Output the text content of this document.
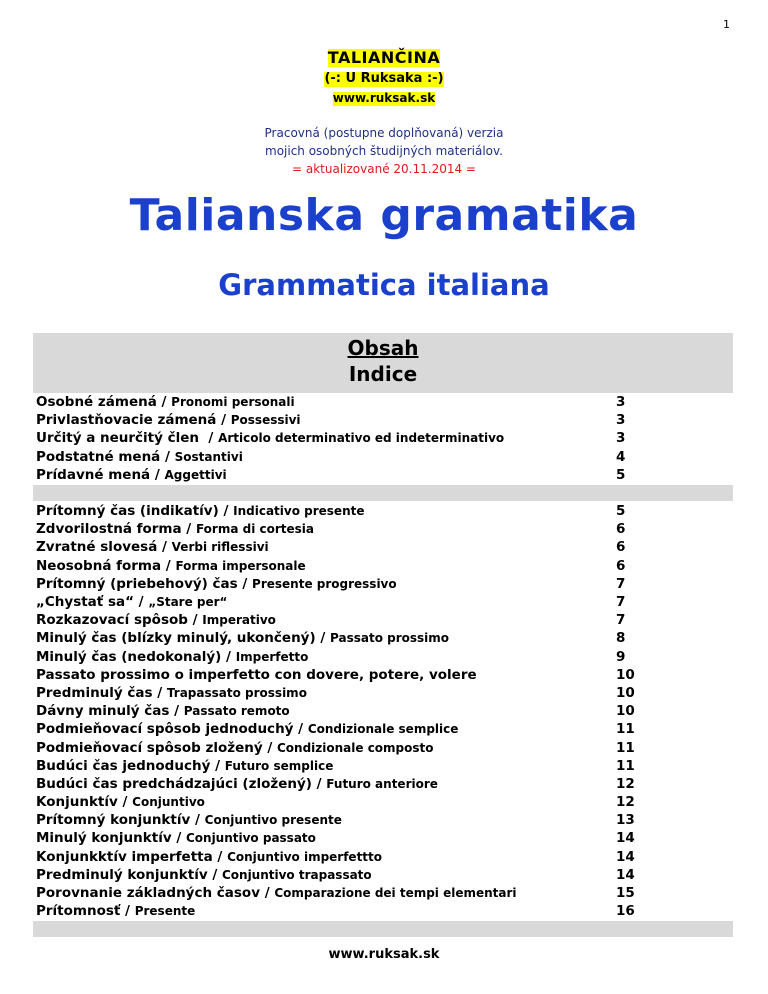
1
TALIANČINA
(-: U Ruksaka :-)
www.ruksak.sk
Pracovná (postupne doplňovaná) verzia
mojich osobných študijných materiálov.
= aktualizované 20.11.2014 =
Talianska gramatika
Grammatica italiana
Obsah
Indice
Osobné zámená / Pronomi personali	3
Privlastňovacie zámená / Possessivi	3
Určitý a neurčitý člen / Articolo determinativo ed indeterminativo	3
Podstatné mená / Sostantivi	4
Prídavné mená / Aggettivi	5
Prítomný čas (indikatív) / Indicativo presente	5
Zdvorilostná forma / Forma di cortesia	6
Zvratné slovesá / Verbi riflessivi	6
Neosobná forma / Forma impersonale	6
Prítomný (priebehový) čas / Presente progressivo	7
„Chystať sa“ / „Stare per“	7
Rozkazovací spôsob / Imperativo	7
Minulý čas (blízky minulý, ukončený) / Passato prossimo	8
Minulý čas (nedokonalý) / Imperfetto	9
Passato prossimo o imperfetto con dovere, potere, volere	10
Predminulý čas / Trapassato prossimo	10
Dávny minulý čas / Passato remoto	10
Podmieňovací spôsob jednoduchý / Condizionale semplice	11
Podmieňovací spôsob zložený / Condizionale composto	11
Budúci čas jednoduchý / Futuro semplice	11
Budúci čas predchádzajúci (zložený) / Futuro anteriore	12
Konjunktív / Conjuntivo	12
Prítomný konjunktív / Conjuntivo presente	13
Minulý konjunktív / Conjuntivo passato	14
Konjunkktív imperfetta / Conjuntivo imperfettto	14
Predminulý konjunktív / Conjuntivo trapassato	14
Porovnanie základných časov / Comparazione dei tempi elementari	15
Prítomnosť / Presente	16
www.ruksak.sk
